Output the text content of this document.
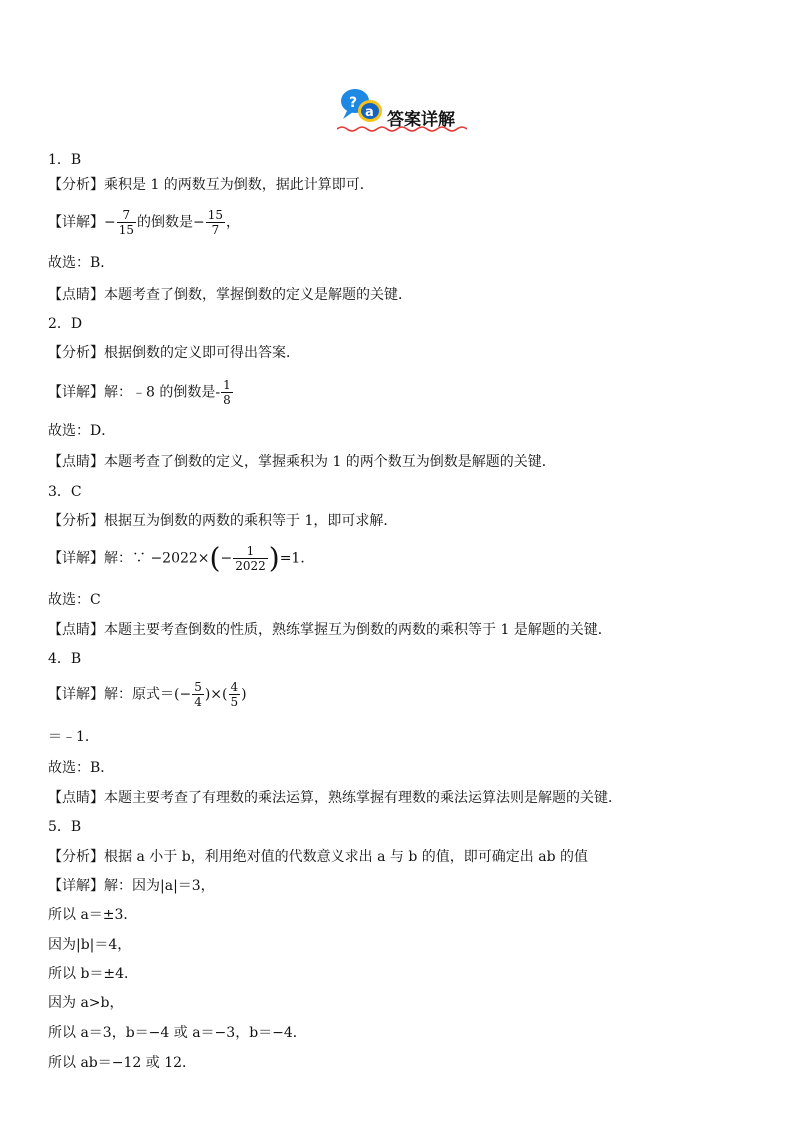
?
a 答案详解
1．B
【分析】乘积是 1 的两数互为倒数，据此计算即可．
【详解】− $\frac{7}{15}$ 的倒数是− $\frac{15}{7}$ ，
故选：B．
【点睛】本题考查了倒数，掌握倒数的定义是解题的关键．
2．D
【分析】根据倒数的定义即可得出答案．
【详解】解：﹣8 的倒数是- $\frac{1}{8}$
故选：D．
【点睛】本题考查了倒数的定义，掌握乘积为 1 的两个数互为倒数是解题的关键．
3．C
【分析】根据互为倒数的两数的乘积等于 1，即可求解．
【详解】解：∵ $-2022\times(- \frac{1}{2022} )=1$．
故选：C
【点睛】本题主要考查倒数的性质，熟练掌握互为倒数的两数的乘积等于 1 是解题的关键．
4．B
【详解】解：原式＝(− $\frac{5}{4}$ )×( $\frac{4}{5}$ )
＝﹣1．
故选：B．
【点睛】本题主要考查了有理数的乘法运算，熟练掌握有理数的乘法运算法则是解题的关键．
5．B
【分析】根据 a 小于 b，利用绝对值的代数意义求出 a 与 b 的值，即可确定出 ab 的值
【详解】解：因为|a|＝3，
所以 a＝±3．
因为|b|＝4，
所以 b＝±4．
因为 a>b，
所以 a＝3，b＝−4 或 a＝−3，b＝−4．
所以 ab＝−12 或 12．
